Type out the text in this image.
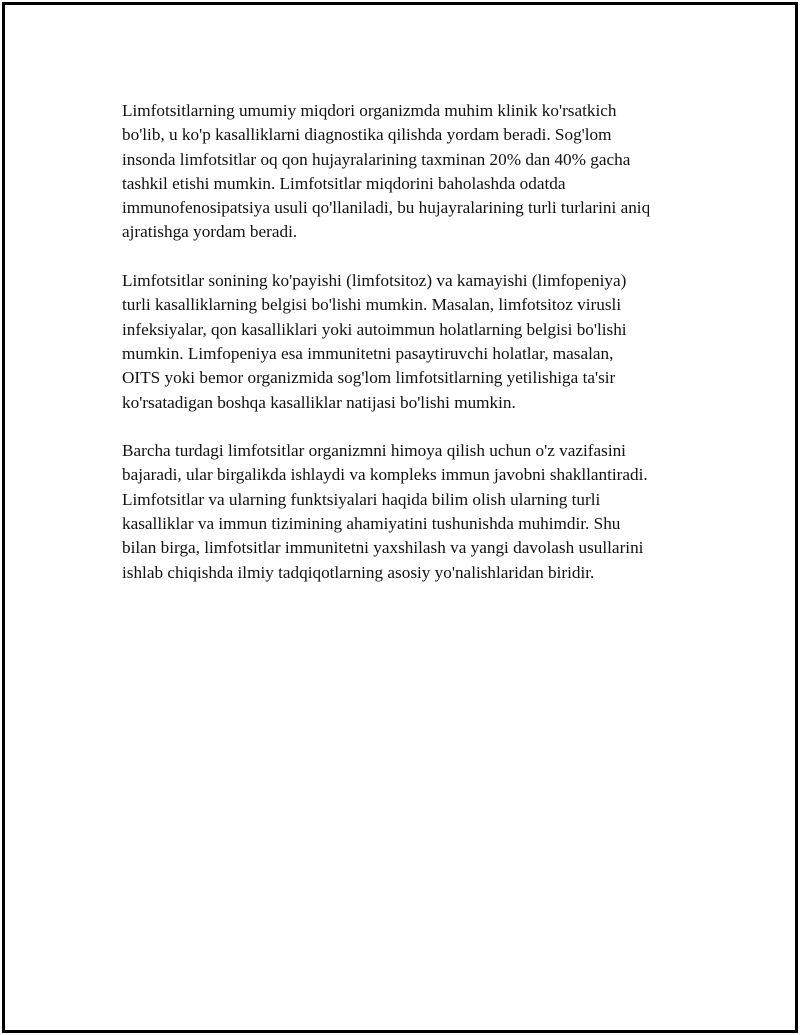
Limfotsitlarning umumiy miqdori organizmda muhim klinik ko'rsatkich
bo'lib, u ko'p kasalliklarni diagnostika qilishda yordam beradi. Sog'lom
insonda limfotsitlar oq qon hujayralarining taxminan 20% dan 40% gacha
tashkil etishi mumkin. Limfotsitlar miqdorini baholashda odatda
immunofenosipatsiya usuli qo'llaniladi, bu hujayralarining turli turlarini aniq
ajratishga yordam beradi.

Limfotsitlar sonining ko'payishi (limfotsitoz) va kamayishi (limfopeniya)
turli kasalliklarning belgisi bo'lishi mumkin. Masalan, limfotsitoz virusli
infeksiyalar, qon kasalliklari yoki autoimmun holatlarning belgisi bo'lishi
mumkin. Limfopeniya esa immunitetni pasaytiruvchi holatlar, masalan,
OITS yoki bemor organizmida sog'lom limfotsitlarning yetilishiga ta'sir
ko'rsatadigan boshqa kasalliklar natijasi bo'lishi mumkin.

Barcha turdagi limfotsitlar organizmni himoya qilish uchun o'z vazifasini
bajaradi, ular birgalikda ishlaydi va kompleks immun javobni shakllantiradi.
Limfotsitlar va ularning funktsiyalari haqida bilim olish ularning turli
kasalliklar va immun tizimining ahamiyatini tushunishda muhimdir. Shu
bilan birga, limfotsitlar immunitetni yaxshilash va yangi davolash usullarini
ishlab chiqishda ilmiy tadqiqotlarning asosiy yo'nalishlaridan biridir.
